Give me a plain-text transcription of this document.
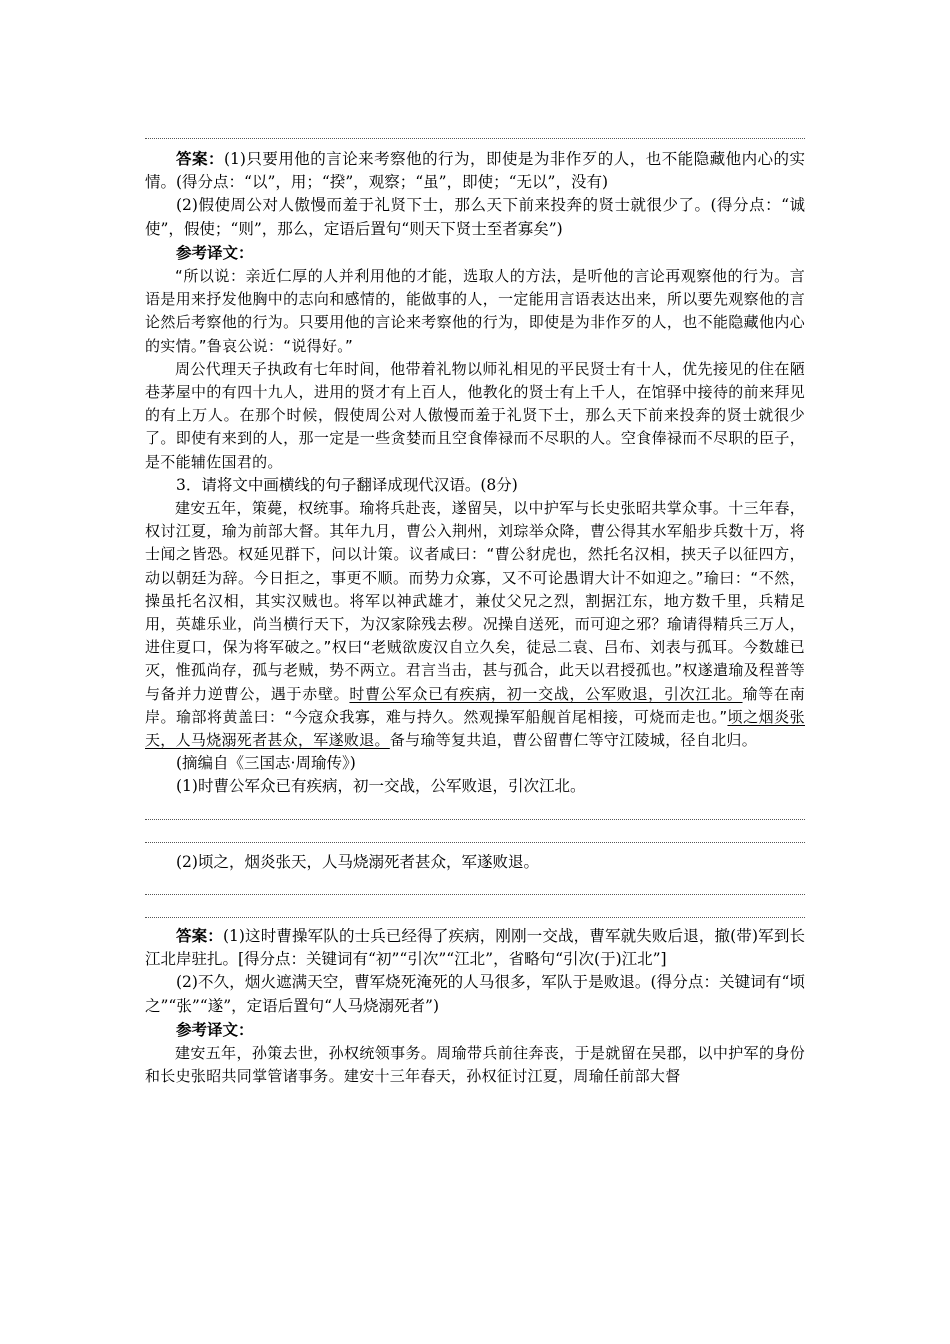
答案：(1)只要用他的言论来考察他的行为，即使是为非作歹的人，也不能隐藏他内心的实情。(得分点：“以”，用；“揆”，观察；“虽”，即使；“无以”，没有)

(2)假使周公对人傲慢而羞于礼贤下士，那么天下前来投奔的贤士就很少了。(得分点：“诚使”，假使；“则”，那么，定语后置句“则天下贤士至者寡矣”)

参考译文：

“所以说：亲近仁厚的人并利用他的才能，选取人的方法，是听他的言论再观察他的行为。言语是用来抒发他胸中的志向和感情的，能做事的人，一定能用言语表达出来，所以要先观察他的言论然后考察他的行为。只要用他的言论来考察他的行为，即使是为非作歹的人，也不能隐藏他内心的实情。”鲁哀公说：“说得好。”

周公代理天子执政有七年时间，他带着礼物以师礼相见的平民贤士有十人，优先接见的住在陋巷茅屋中的有四十九人，进用的贤才有上百人，他教化的贤士有上千人，在馆驿中接待的前来拜见的有上万人。在那个时候，假使周公对人傲慢而羞于礼贤下士，那么天下前来投奔的贤士就很少了。即使有来到的人，那一定是一些贪婪而且空食俸禄而不尽职的人。空食俸禄而不尽职的臣子，是不能辅佐国君的。

3．请将文中画横线的句子翻译成现代汉语。(8分)

建安五年，策薨，权统事。瑜将兵赴丧，遂留吴，以中护军与长史张昭共掌众事。十三年春，权讨江夏，瑜为前部大督。其年九月，曹公入荆州，刘琮举众降，曹公得其水军船步兵数十万，将士闻之皆恐。权延见群下，问以计策。议者咸曰：“曹公豺虎也，然托名汉相，挟天子以征四方，动以朝廷为辞。今日拒之，事更不顺。而势力众寡，又不可论愚谓大计不如迎之。”瑜曰：“不然，操虽托名汉相，其实汉贼也。将军以神武雄才，兼仗父兄之烈，割据江东，地方数千里，兵精足用，英雄乐业，尚当横行天下，为汉家除残去秽。况操自送死，而可迎之邪？瑜请得精兵三万人，进住夏口，保为将军破之。”权曰“老贼欲废汉自立久矣，徒忌二袁、吕布、刘表与孤耳。今数雄已灭，惟孤尚存，孤与老贼，势不两立。君言当击，甚与孤合，此天以君授孤也。”权遂遣瑜及程普等与备并力逆曹公，遇于赤壁。时曹公军众已有疾病，初一交战，公军败退，引次江北。瑜等在南岸。瑜部将黄盖曰：“今寇众我寡，难与持久。然观操军船舰首尾相接，可烧而走也。”顷之烟炎张天，人马烧溺死者甚众，军遂败退。备与瑜等复共追，曹公留曹仁等守江陵城，径自北归。

(摘编自《三国志·周瑜传》)

(1)时曹公军众已有疾病，初一交战，公军败退，引次江北。

(2)顷之，烟炎张天，人马烧溺死者甚众，军遂败退。

答案：(1)这时曹操军队的士兵已经得了疾病，刚刚一交战，曹军就失败后退，撤(带)军到长江北岸驻扎。[得分点：关键词有“初”“引次”“江北”，省略句“引次(于)江北”]

(2)不久，烟火遮满天空，曹军烧死淹死的人马很多，军队于是败退。(得分点：关键词有“顷之”“张”“遂”，定语后置句“人马烧溺死者”)

参考译文：

建安五年，孙策去世，孙权统领事务。周瑜带兵前往奔丧，于是就留在吴郡，以中护军的身份和长史张昭共同掌管诸事务。建安十三年春天，孙权征讨江夏，周瑜任前部大督
